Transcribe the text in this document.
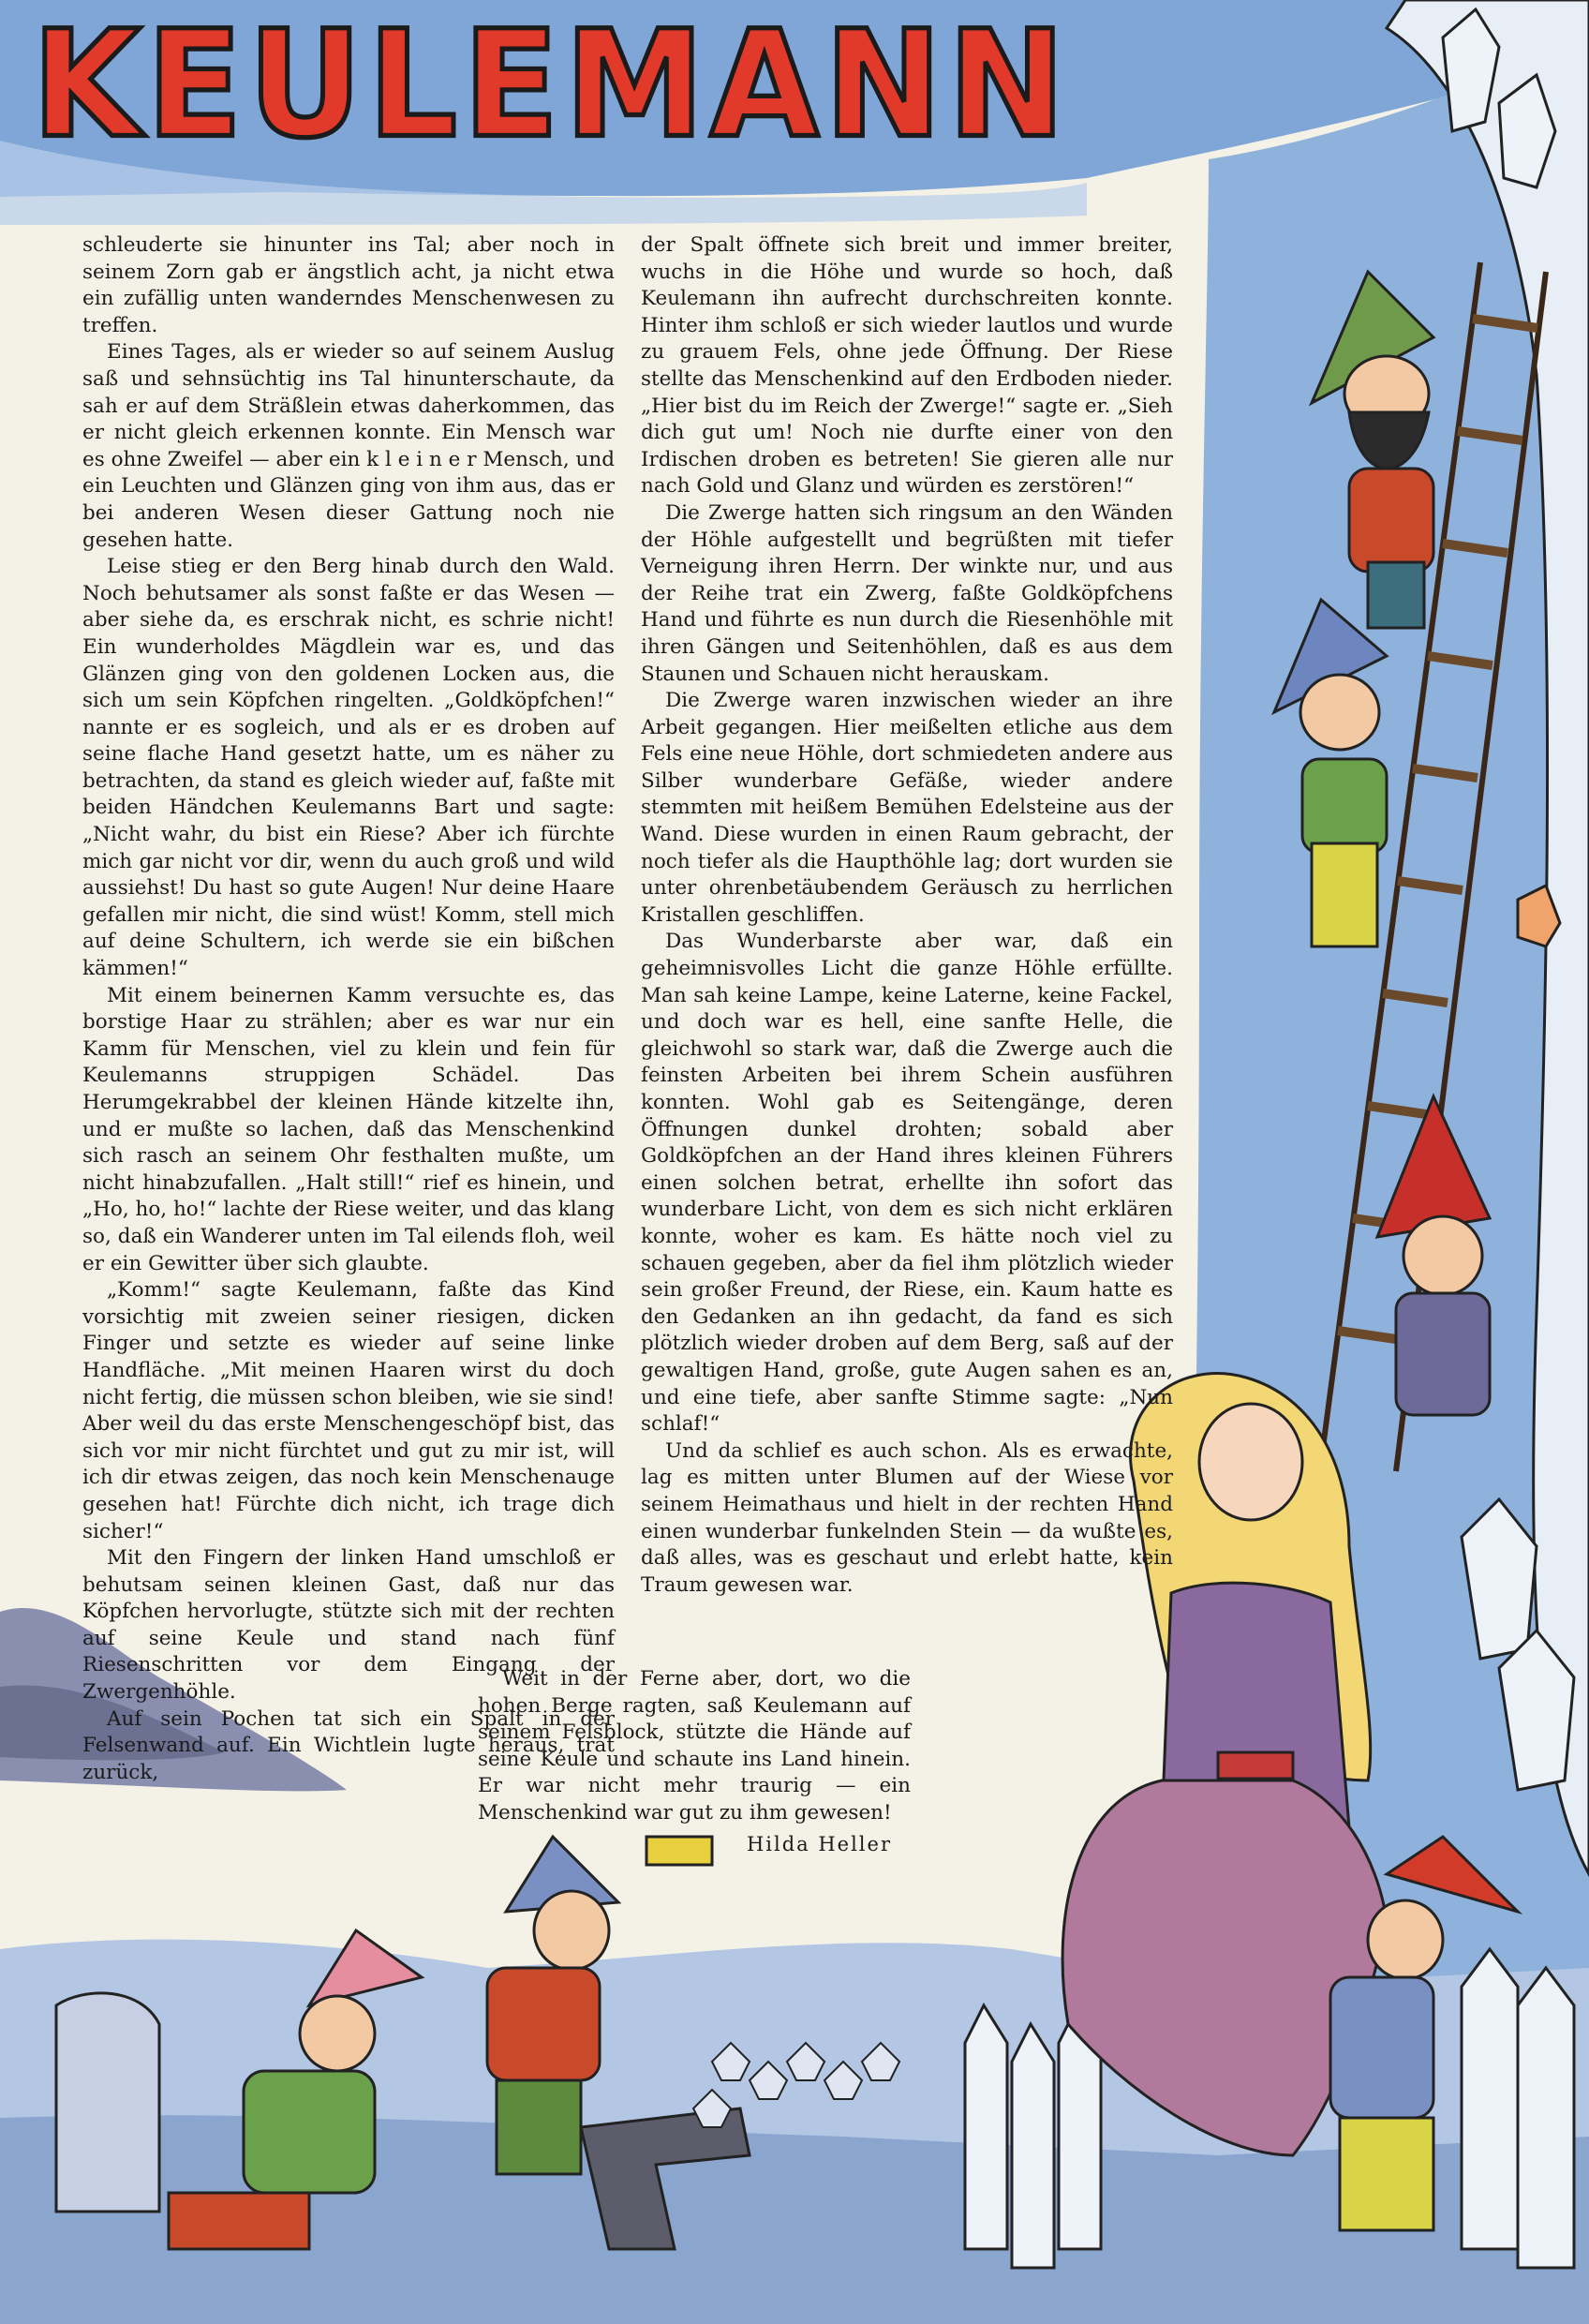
KEULEMANN

schleuderte sie hinunter ins Tal; aber noch in seinem Zorn gab er ängstlich acht, ja nicht etwa ein zufällig unten wanderndes Menschenwesen zu treffen.

Eines Tages, als er wieder so auf seinem Auslug saß und sehnsüchtig ins Tal hinunterschaute, da sah er auf dem Sträßlein etwas daherkommen, das er nicht gleich erkennen konnte. Ein Mensch war es ohne Zweifel — aber ein k l e i n e r Mensch, und ein Leuchten und Glänzen ging von ihm aus, das er bei anderen Wesen dieser Gattung noch nie gesehen hatte.

Leise stieg er den Berg hinab durch den Wald. Noch behutsamer als sonst faßte er das Wesen — aber siehe da, es erschrak nicht, es schrie nicht! Ein wunderholdes Mägdlein war es, und das Glänzen ging von den goldenen Locken aus, die sich um sein Köpfchen ringelten. „Goldköpfchen!“ nannte er es sogleich, und als er es droben auf seine flache Hand gesetzt hatte, um es näher zu betrachten, da stand es gleich wieder auf, faßte mit beiden Händchen Keulemanns Bart und sagte: „Nicht wahr, du bist ein Riese? Aber ich fürchte mich gar nicht vor dir, wenn du auch groß und wild aussiehst! Du hast so gute Augen! Nur deine Haare gefallen mir nicht, die sind wüst! Komm, stell mich auf deine Schultern, ich werde sie ein bißchen kämmen!“

Mit einem beinernen Kamm versuchte es, das borstige Haar zu strählen; aber es war nur ein Kamm für Menschen, viel zu klein und fein für Keulemanns struppigen Schädel. Das Herumgekrabbel der kleinen Hände kitzelte ihn, und er mußte so lachen, daß das Menschenkind sich rasch an seinem Ohr festhalten mußte, um nicht hinabzufallen. „Halt still!“ rief es hinein, und „Ho, ho, ho!“ lachte der Riese weiter, und das klang so, daß ein Wanderer unten im Tal eilends floh, weil er ein Gewitter über sich glaubte.

„Komm!“ sagte Keulemann, faßte das Kind vorsichtig mit zweien seiner riesigen, dicken Finger und setzte es wieder auf seine linke Handfläche. „Mit meinen Haaren wirst du doch nicht fertig, die müssen schon bleiben, wie sie sind! Aber weil du das erste Menschengeschöpf bist, das sich vor mir nicht fürchtet und gut zu mir ist, will ich dir etwas zeigen, das noch kein Menschenauge gesehen hat! Fürchte dich nicht, ich trage dich sicher!“

Mit den Fingern der linken Hand umschloß er behutsam seinen kleinen Gast, daß nur das Köpfchen hervorlugte, stützte sich mit der rechten auf seine Keule und stand nach fünf Riesenschritten vor dem Eingang der Zwergenhöhle.

Auf sein Pochen tat sich ein Spalt in der Felsenwand auf. Ein Wichtlein lugte heraus, trat zurück,

der Spalt öffnete sich breit und immer breiter, wuchs in die Höhe und wurde so hoch, daß Keulemann ihn aufrecht durchschreiten konnte. Hinter ihm schloß er sich wieder lautlos und wurde zu grauem Fels, ohne jede Öffnung. Der Riese stellte das Menschenkind auf den Erdboden nieder. „Hier bist du im Reich der Zwerge!“ sagte er. „Sieh dich gut um! Noch nie durfte einer von den Irdischen droben es betreten! Sie gieren alle nur nach Gold und Glanz und würden es zerstören!“

Die Zwerge hatten sich ringsum an den Wänden der Höhle aufgestellt und begrüßten mit tiefer Verneigung ihren Herrn. Der winkte nur, und aus der Reihe trat ein Zwerg, faßte Goldköpfchens Hand und führte es nun durch die Riesenhöhle mit ihren Gängen und Seitenhöhlen, daß es aus dem Staunen und Schauen nicht herauskam.

Die Zwerge waren inzwischen wieder an ihre Arbeit gegangen. Hier meißelten etliche aus dem Fels eine neue Höhle, dort schmiedeten andere aus Silber wunderbare Gefäße, wieder andere stemmten mit heißem Bemühen Edelsteine aus der Wand. Diese wurden in einen Raum gebracht, der noch tiefer als die Haupthöhle lag; dort wurden sie unter ohrenbetäubendem Geräusch zu herrlichen Kristallen geschliffen.

Das Wunderbarste aber war, daß ein geheimnisvolles Licht die ganze Höhle erfüllte. Man sah keine Lampe, keine Laterne, keine Fackel, und doch war es hell, eine sanfte Helle, die gleichwohl so stark war, daß die Zwerge auch die feinsten Arbeiten bei ihrem Schein ausführen konnten. Wohl gab es Seitengänge, deren Öffnungen dunkel drohten; sobald aber Goldköpfchen an der Hand ihres kleinen Führers einen solchen betrat, erhellte ihn sofort das wunderbare Licht, von dem es sich nicht erklären konnte, woher es kam. Es hätte noch viel zu schauen gegeben, aber da fiel ihm plötzlich wieder sein großer Freund, der Riese, ein. Kaum hatte es den Gedanken an ihn gedacht, da fand es sich plötzlich wieder droben auf dem Berg, saß auf der gewaltigen Hand, große, gute Augen sahen es an, und eine tiefe, aber sanfte Stimme sagte: „Nun schlaf!“

Und da schlief es auch schon. Als es erwachte, lag es mitten unter Blumen auf der Wiese vor seinem Heimathaus und hielt in der rechten Hand einen wunderbar funkelnden Stein — da wußte es, daß alles, was es geschaut und erlebt hatte, kein Traum gewesen war.

Weit in der Ferne aber, dort, wo die hohen Berge ragten, saß Keulemann auf seinem Felsblock, stützte die Hände auf seine Keule und schaute ins Land hinein. Er war nicht mehr traurig — ein Menschenkind war gut zu ihm gewesen!

Hilda Heller
